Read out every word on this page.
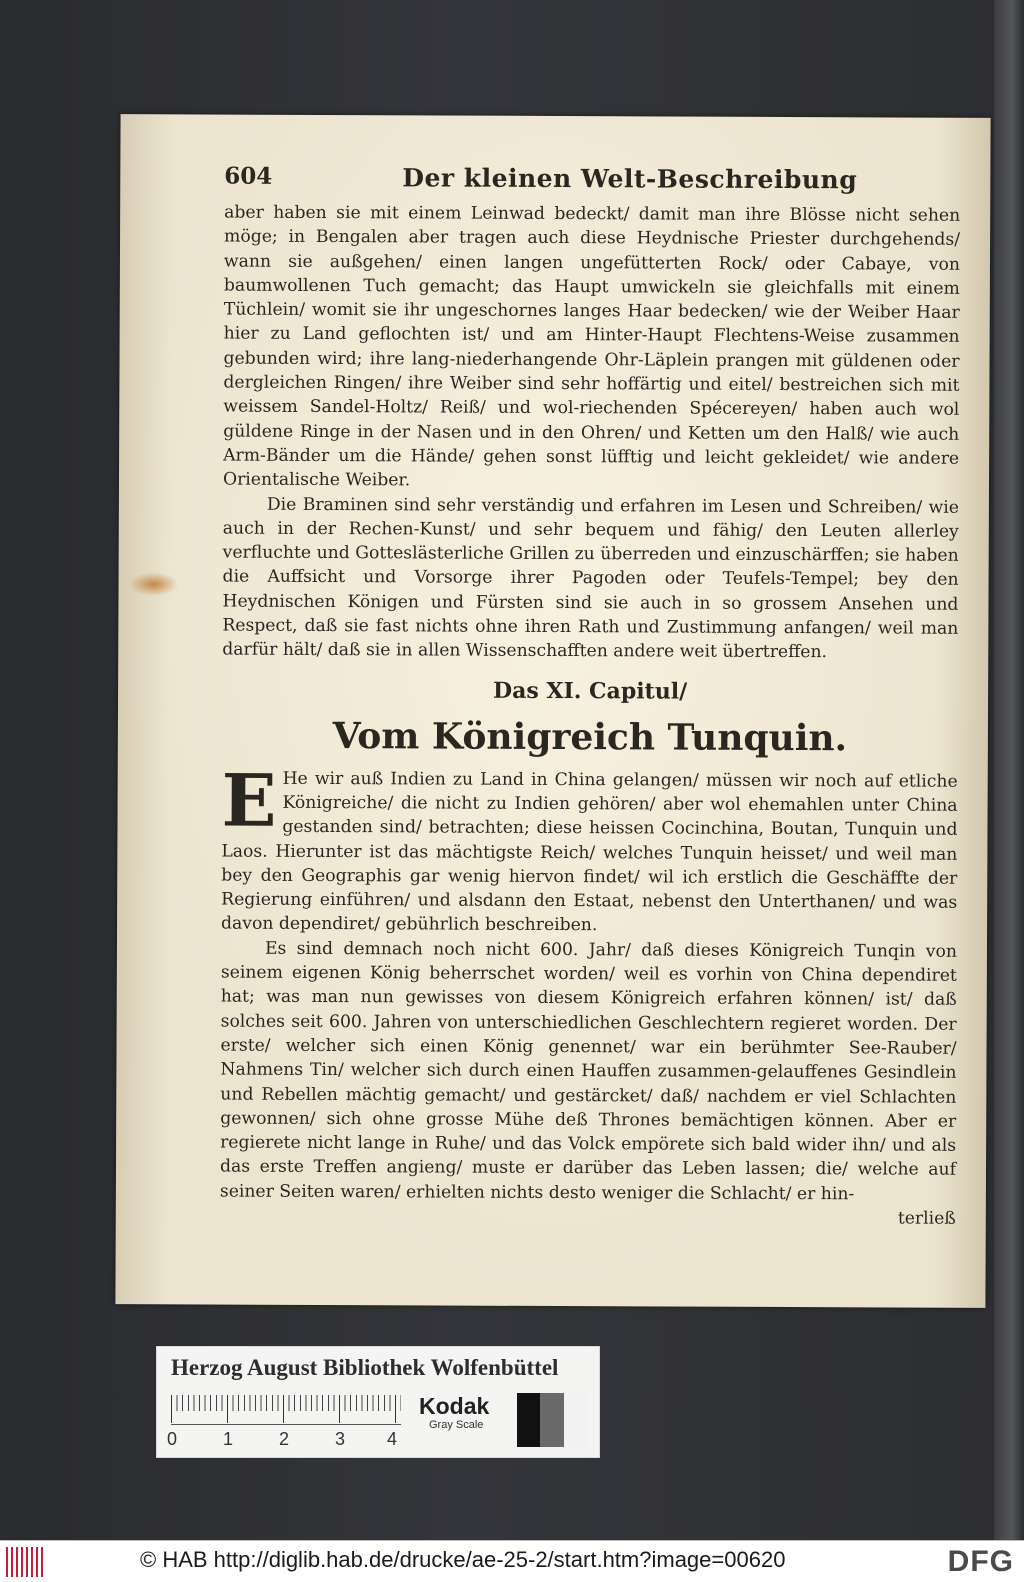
604	Der kleinen Welt-Beschreibung

aber haben sie mit einem Leinwad bedeckt/ damit man ihre Blösse nicht sehen möge; in Bengalen aber tragen auch diese Heydnische Priester durchgehends/ wann sie außgehen/ einen langen ungefütterten Rock/ oder Cabaye, von baumwollenen Tuch gemacht; das Haupt umwickeln sie gleichfalls mit einem Tüchlein/ womit sie ihr ungeschornes langes Haar bedecken/ wie der Weiber Haar hier zu Land geflochten ist/ und am Hinter-Haupt Flechtens-Weise zusammen gebunden wird; ihre lang-niederhangende Ohr-Läplein prangen mit güldenen oder dergleichen Ringen/ ihre Weiber sind sehr hoffärtig und eitel/ bestreichen sich mit weissem Sandel-Holtz/ Reiß/ und wol-riechenden Spécereyen/ haben auch wol güldene Ringe in der Nasen und in den Ohren/ und Ketten um den Halß/ wie auch Arm-Bänder um die Hände/ gehen sonst lüfftig und leicht gekleidet/ wie andere Orientalische Weiber.

Die Braminen sind sehr verständig und erfahren im Lesen und Schreiben/ wie auch in der Rechen-Kunst/ und sehr bequem und fähig/ den Leuten allerley verfluchte und Gotteslästerliche Grillen zu überreden und einzuschärffen; sie haben die Auffsicht und Vorsorge ihrer Pagoden oder Teufels-Tempel; bey den Heydnischen Königen und Fürsten sind sie auch in so grossem Ansehen und Respect, daß sie fast nichts ohne ihren Rath und Zustimmung anfangen/ weil man darfür hält/ daß sie in allen Wissenschafften andere weit übertreffen.

Das XI. Capitul/
Vom Königreich Tunquin.
E He wir auß Indien zu Land in China gelangen/ müssen wir noch auf etliche Königreiche/ die nicht zu Indien gehören/ aber wol ehemahlen unter China gestanden sind/ betrachten; diese heissen Cocinchina, Boutan, Tunquin und Laos. Hierunter ist das mächtigste Reich/ welches Tunquin heisset/ und weil man bey den Geographis gar wenig hiervon findet/ wil ich erstlich die Geschäffte der Regierung einführen/ und alsdann den Estaat, nebenst den Unterthanen/ und was davon dependiret/ gebührlich beschreiben.

Es sind demnach noch nicht 600. Jahr/ daß dieses Königreich Tunqin von seinem eigenen König beherrschet worden/ weil es vorhin von China dependiret hat; was man nun gewisses von diesem Königreich erfahren können/ ist/ daß solches seit 600. Jahren von unterschiedlichen Geschlechtern regieret worden. Der erste/ welcher sich einen König genennet/ war ein berühmter See-Rauber/ Nahmens Tin/ welcher sich durch einen Hauffen zusammen-gelauffenes Gesindlein und Rebellen mächtig gemacht/ und gestärcket/ daß/ nachdem er viel Schlachten gewonnen/ sich ohne grosse Mühe deß Thrones bemächtigen können. Aber er regierete nicht lange in Ruhe/ und das Volck empörete sich bald wider ihn/ und als das erste Treffen angieng/ muste er darüber das Leben lassen; die/ welche auf seiner Seiten waren/ erhielten nichts desto weniger die Schlacht/ er hin-

terließ
Herzog August Bibliothek Wolfenbüttel
0	1	2	3 4
Kodak
Gray Scale
© HAB http://diglib.hab.de/drucke/ae-25-2/start.htm?image=00620	DFG
